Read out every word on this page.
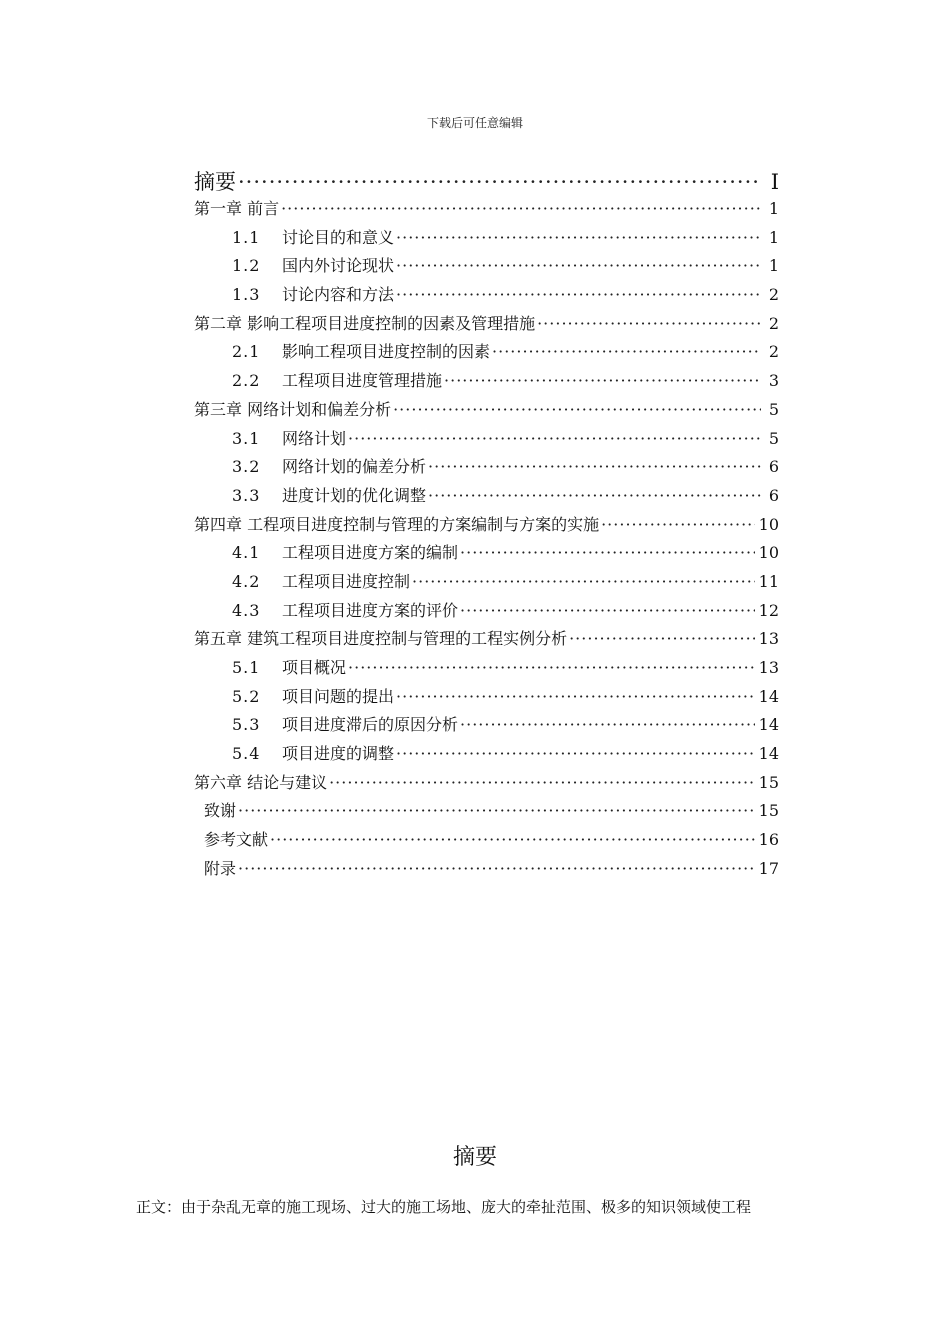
下载后可任意编辑
摘要 ·····	I
第一章 前言 ·····	1
1.1 讨论目的和意义 ·····	1
1.2 国内外讨论现状 ·····	1
1.3 讨论内容和方法 ·····	2
第二章 影响工程项目进度控制的因素及管理措施 ·····	2
2.1 影响工程项目进度控制的因素 ·····	2
2.2 工程项目进度管理措施 ·····	3
第三章 网络计划和偏差分析 ·····	5
3.1 网络计划 ·····	5
3.2 网络计划的偏差分析 ·····	6
3.3 进度计划的优化调整 ·····	6
第四章 工程项目进度控制与管理的方案编制与方案的实施 ·····	10
4.1 工程项目进度方案的编制 ·····	10
4.2 工程项目进度控制 ·····	11
4.3 工程项目进度方案的评价 ·····	12
第五章 建筑工程项目进度控制与管理的工程实例分析 ·····	13
5.1 项目概况 ·····	13
5.2 项目问题的提出 ·····	14
5.3 项目进度滞后的原因分析 ·····	14
5.4 项目进度的调整 ·····	14
第六章 结论与建议 ·····	15
致谢 ·····	15
参考文献 ·····	16
附录 ·····	17
摘要
正文：由于杂乱无章的施工现场、过大的施工场地、庞大的牵扯范围、极多的知识领域使工程
